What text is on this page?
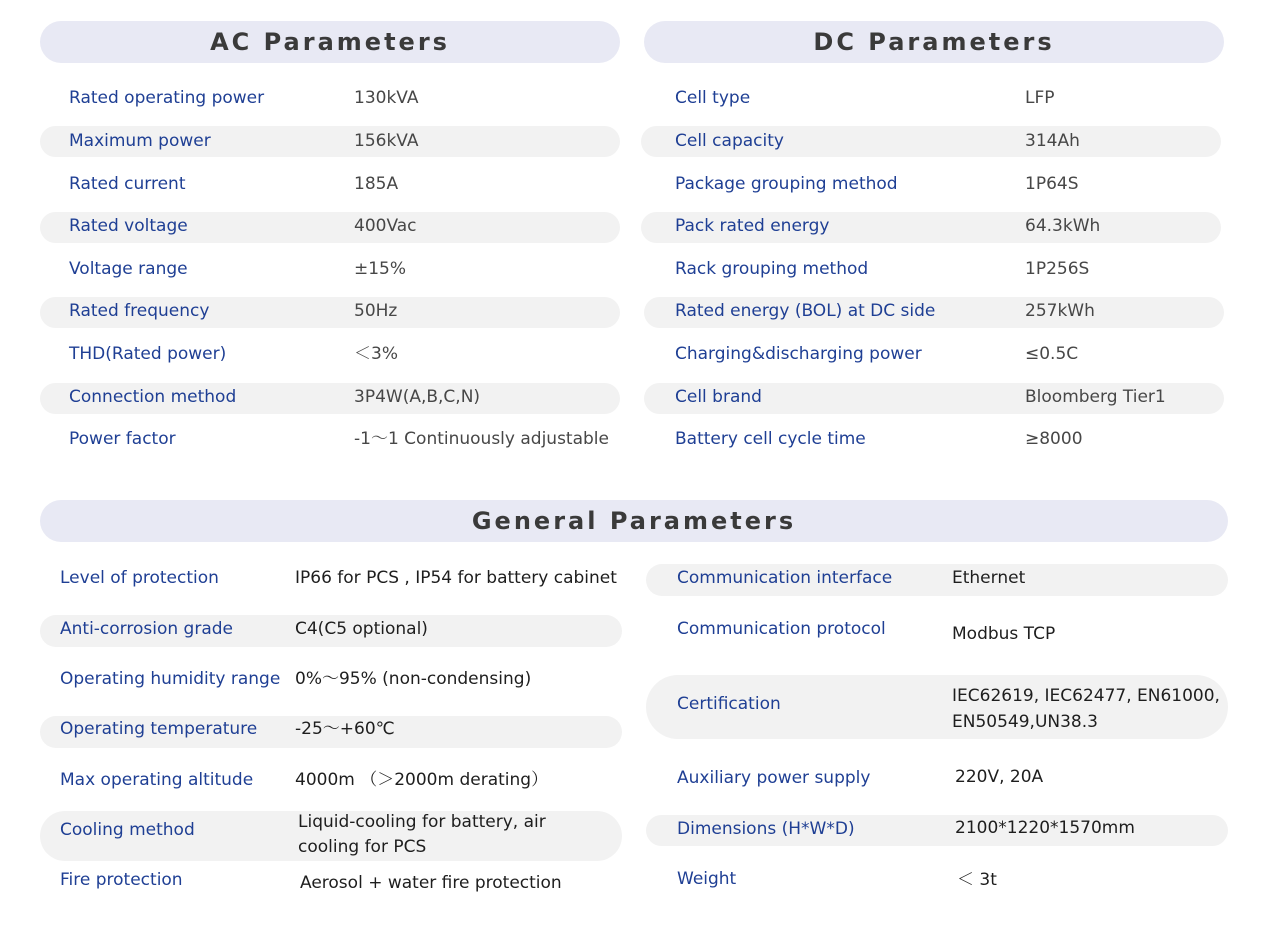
AC Parameters	DC Parameters
General Parameters
Rated operating power	130kVA
Maximum power	156kVA
Rated current	185A
Rated voltage	400Vac
Voltage range	±15%
Rated frequency	50Hz
THD(Rated power)	＜3%
Connection method	3P4W(A,B,C,N)
Power factor	-1～1 Continuously adjustable
Cell type	LFP
Cell capacity	314Ah
Package grouping method	1P64S
Pack rated energy	64.3kWh
Rack grouping method	1P256S
Rated energy (BOL) at DC side	257kWh
Charging&discharging power	≤0.5C
Cell brand	Bloomberg Tier1
Battery cell cycle time	≥8000
Level of protection	IP66 for PCS , IP54 for battery cabinet
Anti-corrosion grade	C4(C5 optional)
Operating humidity range 0%～95% (non-condensing)
Operating temperature -25～+60℃
Max operating altitude 4000m （＞2000m derating）
Cooling method	Liquid-cooling for battery, air
cooling for PCS
Fire protection	Aerosol + water fire protection
Communication interface	Ethernet
Communication protocol	Modbus TCP
Certification	IEC62619, IEC62477, EN61000,
EN50549,UN38.3
Auxiliary power supply	220V, 20A
Dimensions (H*W*D)	2100*1220*1570mm
Weight	＜ 3t
